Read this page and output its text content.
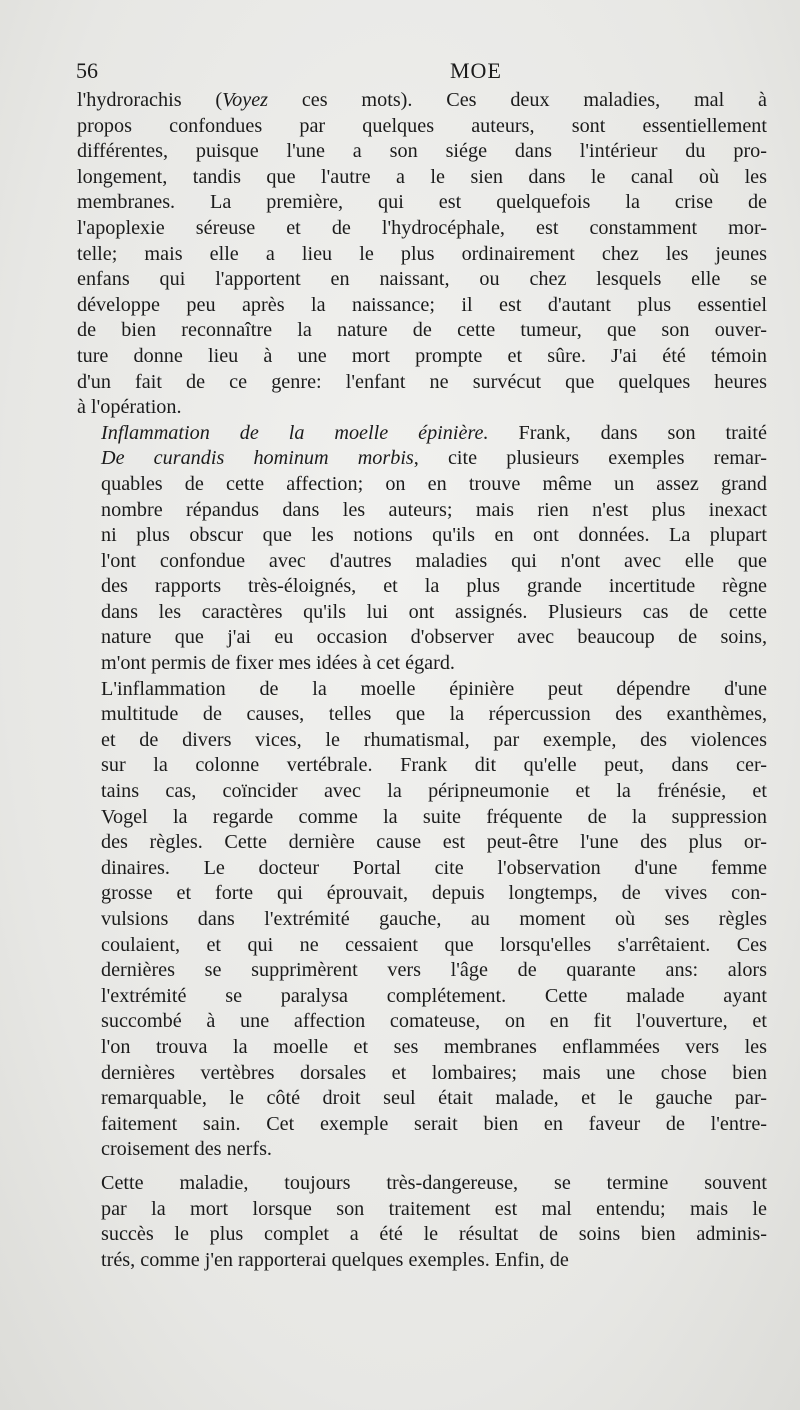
56 	MOE

l'hydrorachis (Voyez ces mots). Ces deux maladies, mal à
propos confondues par quelques auteurs, sont essentiellement
différentes, puisque l'une a son siége dans l'intérieur du pro-
longement, tandis que l'autre a le sien dans le canal où les
membranes. La première, qui est quelquefois la crise de
l'apoplexie séreuse et de l'hydrocéphale, est constamment mor-
telle; mais elle a lieu le plus ordinairement chez les jeunes
enfans qui l'apportent en naissant, ou chez lesquels elle se
développe peu après la naissance; il est d'autant plus essentiel
de bien reconnaître la nature de cette tumeur, que son ouver-
ture donne lieu à une mort prompte et sûre. J'ai été témoin
d'un fait de ce genre: l'enfant ne survécut que quelques heures
à l'opération.

Inflammation de la moelle épinière. Frank, dans son traité
De curandis hominum morbis, cite plusieurs exemples remar-
quables de cette affection; on en trouve même un assez grand
nombre répandus dans les auteurs; mais rien n'est plus inexact
ni plus obscur que les notions qu'ils en ont données. La plupart
l'ont confondue avec d'autres maladies qui n'ont avec elle que
des rapports très-éloignés, et la plus grande incertitude règne
dans les caractères qu'ils lui ont assignés. Plusieurs cas de cette
nature que j'ai eu occasion d'observer avec beaucoup de soins,
m'ont permis de fixer mes idées à cet égard.

L'inflammation de la moelle épinière peut dépendre d'une
multitude de causes, telles que la répercussion des exanthèmes,
et de divers vices, le rhumatismal, par exemple, des violences
sur la colonne vertébrale. Frank dit qu'elle peut, dans cer-
tains cas, coïncider avec la péripneumonie et la frénésie, et
Vogel la regarde comme la suite fréquente de la suppression
des règles. Cette dernière cause est peut-être l'une des plus or-
dinaires. Le docteur Portal cite l'observation d'une femme
grosse et forte qui éprouvait, depuis longtemps, de vives con-
vulsions dans l'extrémité gauche, au moment où ses règles
coulaient, et qui ne cessaient que lorsqu'elles s'arrêtaient. Ces
dernières se supprimèrent vers l'âge de quarante ans: alors
l'extrémité se paralysa complétement. Cette malade ayant
succombé à une affection comateuse, on en fit l'ouverture, et
l'on trouva la moelle et ses membranes enflammées vers les
dernières vertèbres dorsales et lombaires; mais une chose bien
remarquable, le côté droit seul était malade, et le gauche par-
faitement sain. Cet exemple serait bien en faveur de l'entre-
croisement des nerfs.

Cette maladie, toujours très-dangereuse, se termine souvent
par la mort lorsque son traitement est mal entendu; mais le
succès le plus complet a été le résultat de soins bien adminis-
trés, comme j'en rapporterai quelques exemples. Enfin, de
